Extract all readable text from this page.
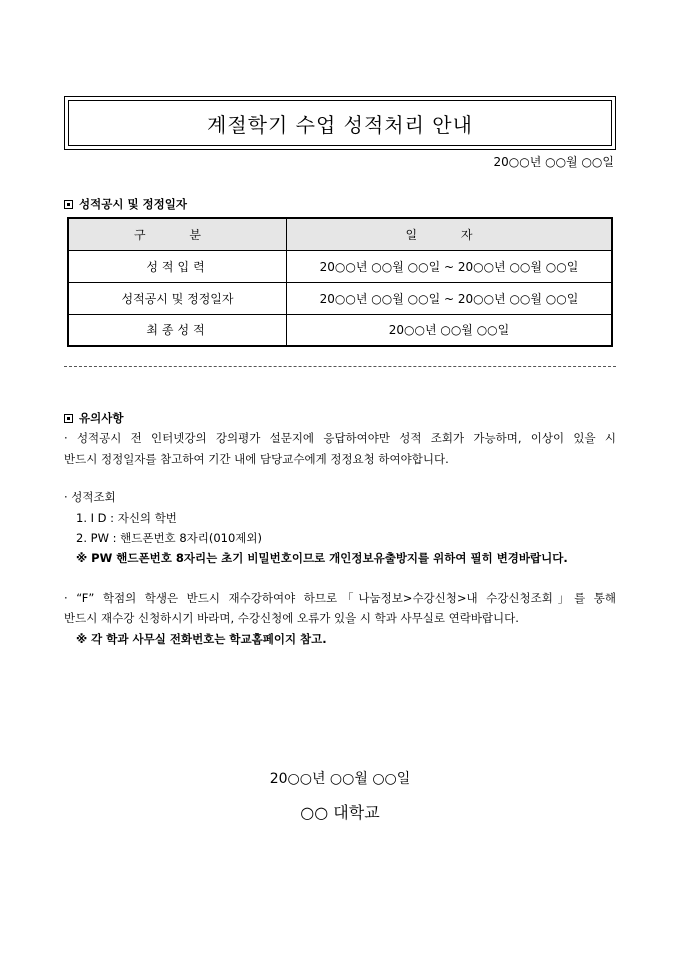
계절학기 수업 성적처리 안내
20○○년 ○○월 ○○일
성적공시 및 정정일자
구 분	일 자
성적입력	20○○년 ○○월 ○○일 ~ 20○○년 ○○월 ○○일
성적공시 및 정정일자	20○○년 ○○월 ○○일 ~ 20○○년 ○○월 ○○일
최종성적	20○○년 ○○월 ○○일
유의사항
· 성적공시 전 인터넷강의 강의평가 설문지에 응답하여야만 성적 조회가 가능하며, 이상이 있을 시
반드시 정정일자를 참고하여 기간 내에 담당교수에게 정정요청 하여야합니다.
· 성적조회
1. I D : 자신의 학번
2. PW : 핸드폰번호 8자리(010제외)
※ PW 핸드폰번호 8자리는 초기 비밀번호이므로 개인정보유출방지를 위하여 필히 변경바랍니다.
· “F” 학점의 학생은 반드시 재수강하여야 하므로「나눔정보>수강신청>내 수강신청조회」를 통해
반드시 재수강 신청하시기 바라며, 수강신청에 오류가 있을 시 학과 사무실로 연락바랍니다.
※ 각 학과 사무실 전화번호는 학교홈페이지 참고.
20○○년 ○○월 ○○일
○○ 대학교
